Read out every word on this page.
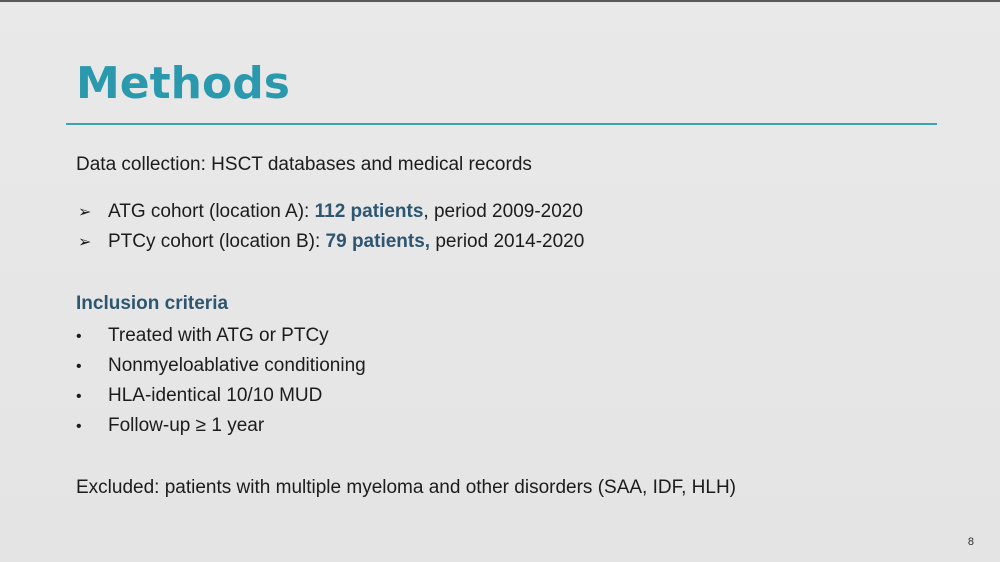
Methods
Data collection: HSCT databases and medical records
➢ ATG cohort (location A): 112 patients, period 2009-2020
➢ PTCy cohort (location B): 79 patients, period 2014-2020
Inclusion criteria
• Treated with ATG or PTCy
• Nonmyeloablative conditioning
• HLA-identical 10/10 MUD
• Follow-up ≥ 1 year
Excluded: patients with multiple myeloma and other disorders (SAA, IDF, HLH)
8
